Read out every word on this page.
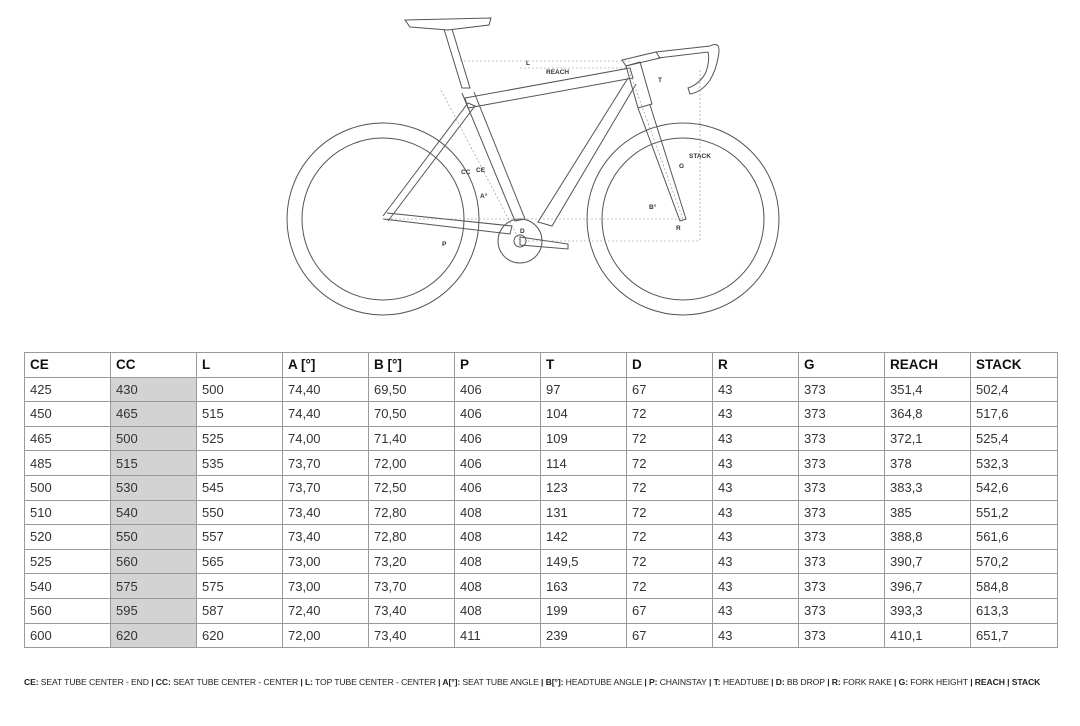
L
REACH
T
STACK
CC CE
G
A°
B°
P
D	R
CE	CC	L	A [°]	B [°]	P	T	D	R	G	REACH	STACK
425	430	500	74,40	69,50	406	97	67	43	373	351,4	502,4
450	465	515	74,40	70,50	406	104	72	43	373	364,8	517,6
465	500	525	74,00	71,40	406	109	72	43	373	372,1	525,4
485	515	535	73,70	72,00	406	114	72	43	373	378	532,3
500	530	545	73,70	72,50	406	123	72	43	373	383,3	542,6
510	540	550	73,40	72,80	408	131	72	43	373	385	551,2
520	550	557	73,40	72,80	408	142	72	43	373	388,8	561,6
525	560	565	73,00	73,20	408	149,5	72	43	373	390,7	570,2
540	575	575	73,00	73,70	408	163	72	43	373	396,7	584,8
560	595	587	72,40	73,40	408	199	67	43	373	393,3	613,3
600	620	620	72,00	73,40	411	239	67	43	373	410,1	651,7
CE: SEAT TUBE CENTER - END | CC: SEAT TUBE CENTER - CENTER | L: TOP TUBE CENTER - CENTER | A[°]: SEAT TUBE ANGLE | B[°]: HEADTUBE ANGLE | P: CHAINSTAY | T: HEADTUBE | D: BB DROP | R: FORK RAKE | G: FORK HEIGHT | REACH | STACK
